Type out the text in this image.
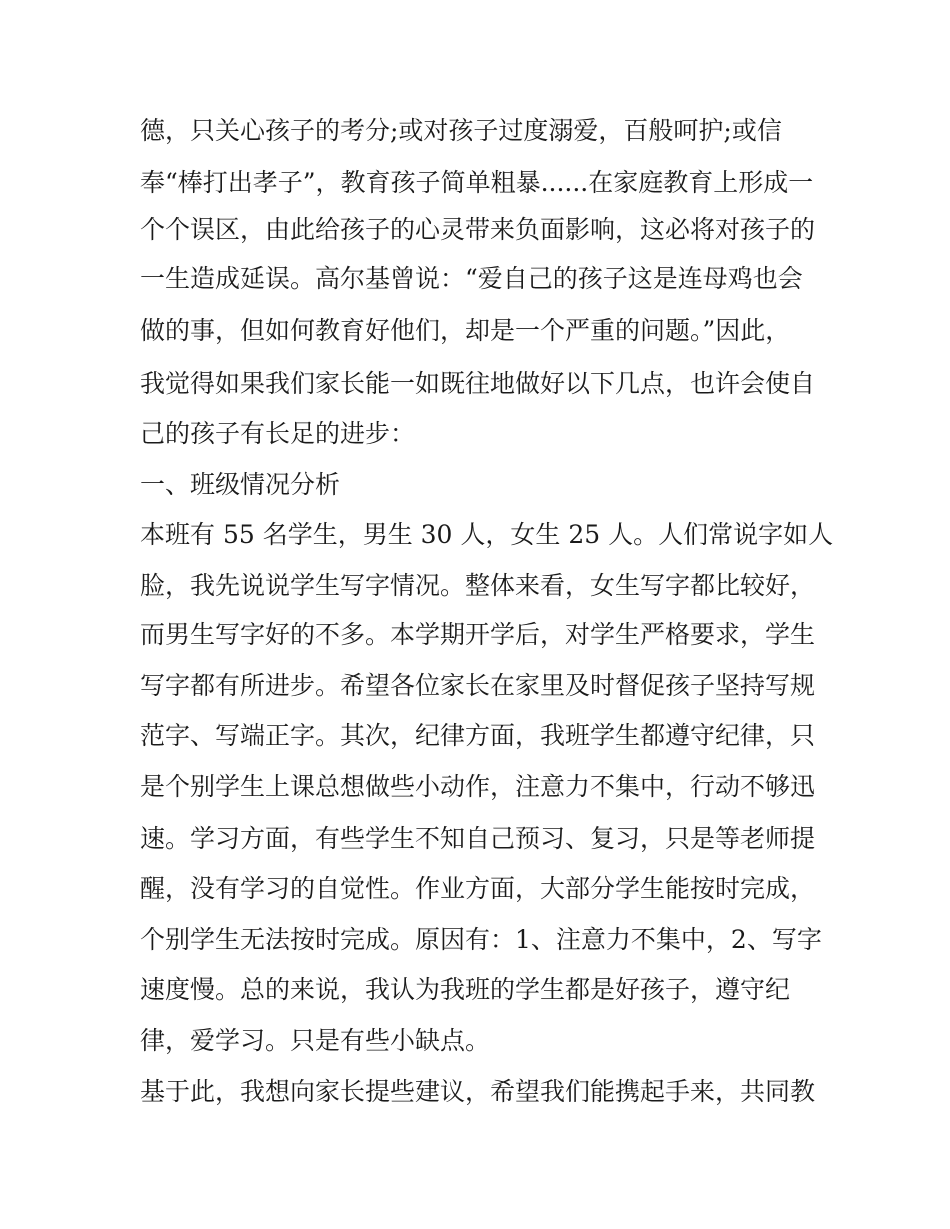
德，只关心孩子的考分;或对孩子过度溺爱，百般呵护;或信
奉“棒打出孝子”，教育孩子简单粗暴......在家庭教育上形成一
个个误区，由此给孩子的心灵带来负面影响，这必将对孩子的
一生造成延误。高尔基曾说：“爱自己的孩子这是连母鸡也会
做的事，但如何教育好他们，却是一个严重的问题。”因此，
我觉得如果我们家长能一如既往地做好以下几点，也许会使自
己的孩子有长足的进步：
一、班级情况分析
本班有 55 名学生，男生 30 人，女生 25 人。人们常说字如人
脸，我先说说学生写字情况。整体来看，女生写字都比较好，
而男生写字好的不多。本学期开学后，对学生严格要求，学生
写字都有所进步。希望各位家长在家里及时督促孩子坚持写规
范字、写端正字。其次，纪律方面，我班学生都遵守纪律，只
是个别学生上课总想做些小动作，注意力不集中，行动不够迅
速。学习方面，有些学生不知自己预习、复习，只是等老师提
醒，没有学习的自觉性。作业方面，大部分学生能按时完成，
个别学生无法按时完成。原因有：1、注意力不集中，2、写字
速度慢。总的来说，我认为我班的学生都是好孩子，遵守纪
律，爱学习。只是有些小缺点。
基于此，我想向家长提些建议，希望我们能携起手来，共同教
